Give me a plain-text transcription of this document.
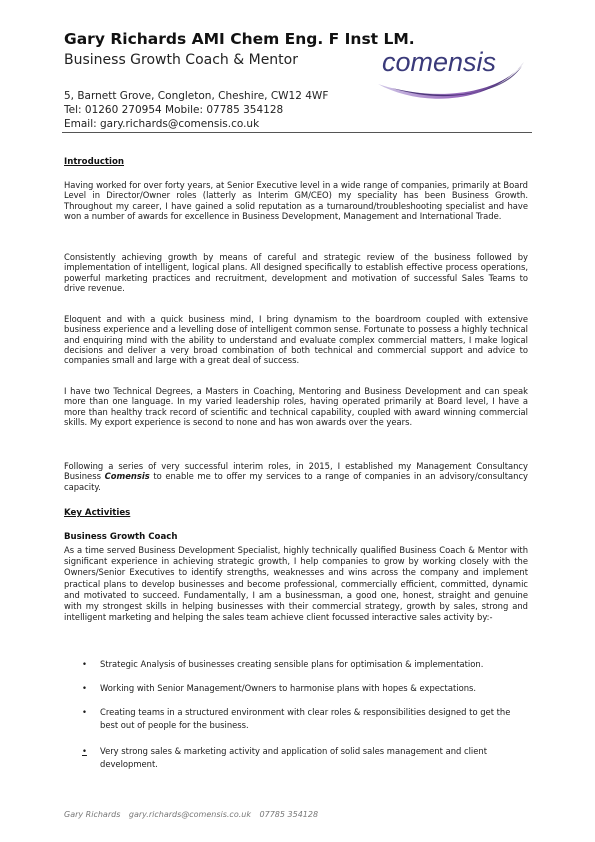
Gary Richards AMI Chem Eng. F Inst LM.
Business Growth Coach & Mentor	comensis
5, Barnett Grove, Congleton, Cheshire, CW12 4WF
Tel: 01260 270954 Mobile: 07785 354128
Email: gary.richards@comensis.co.uk
Introduction
Having worked for over forty years, at Senior Executive level in a wide range of companies, primarily at Board Level in Director/Owner roles (latterly as Interim GM/CEO) my speciality has been Business Growth. Throughout my career, I have gained a solid reputation as a turnaround/troubleshooting specialist and have won a number of awards for excellence in Business Development, Management and International Trade.
Consistently achieving growth by means of careful and strategic review of the business followed by implementation of intelligent, logical plans. All designed specifically to establish effective process operations, powerful marketing practices and recruitment, development and motivation of successful Sales Teams to drive revenue.
Eloquent and with a quick business mind, I bring dynamism to the boardroom coupled with extensive business experience and a levelling dose of intelligent common sense. Fortunate to possess a highly technical and enquiring mind with the ability to understand and evaluate complex commercial matters, I make logical decisions and deliver a very broad combination of both technical and commercial support and advice to companies small and large with a great deal of success.
I have two Technical Degrees, a Masters in Coaching, Mentoring and Business Development and can speak more than one language. In my varied leadership roles, having operated primarily at Board level, I have a more than healthy track record of scientific and technical capability, coupled with award winning commercial skills. My export experience is second to none and has won awards over the years.
Following a series of very successful interim roles, in 2015, I established my Management Consultancy Business Comensis to enable me to offer my services to a range of companies in an advisory/consultancy capacity.
Key Activities
Business Growth Coach
As a time served Business Development Specialist, highly technically qualified Business Coach & Mentor with significant experience in achieving strategic growth, I help companies to grow by working closely with the Owners/Senior Executives to identify strengths, weaknesses and wins across the company and implement practical plans to develop businesses and become professional, commercially efficient, committed, dynamic and motivated to succeed. Fundamentally, I am a businessman, a good one, honest, straight and genuine with my strongest skills in helping businesses with their commercial strategy, growth by sales, strong and intelligent marketing and helping the sales team achieve client focussed interactive sales activity by:-
• Strategic Analysis of businesses creating sensible plans for optimisation & implementation.
• Working with Senior Management/Owners to harmonise plans with hopes & expectations.
• Creating teams in a structured environment with clear roles & responsibilities designed to get the best out of people for the business.
• Very strong sales & marketing activity and application of solid sales management and client development.
Gary Richards gary.richards@comensis.co.uk 07785 354128
